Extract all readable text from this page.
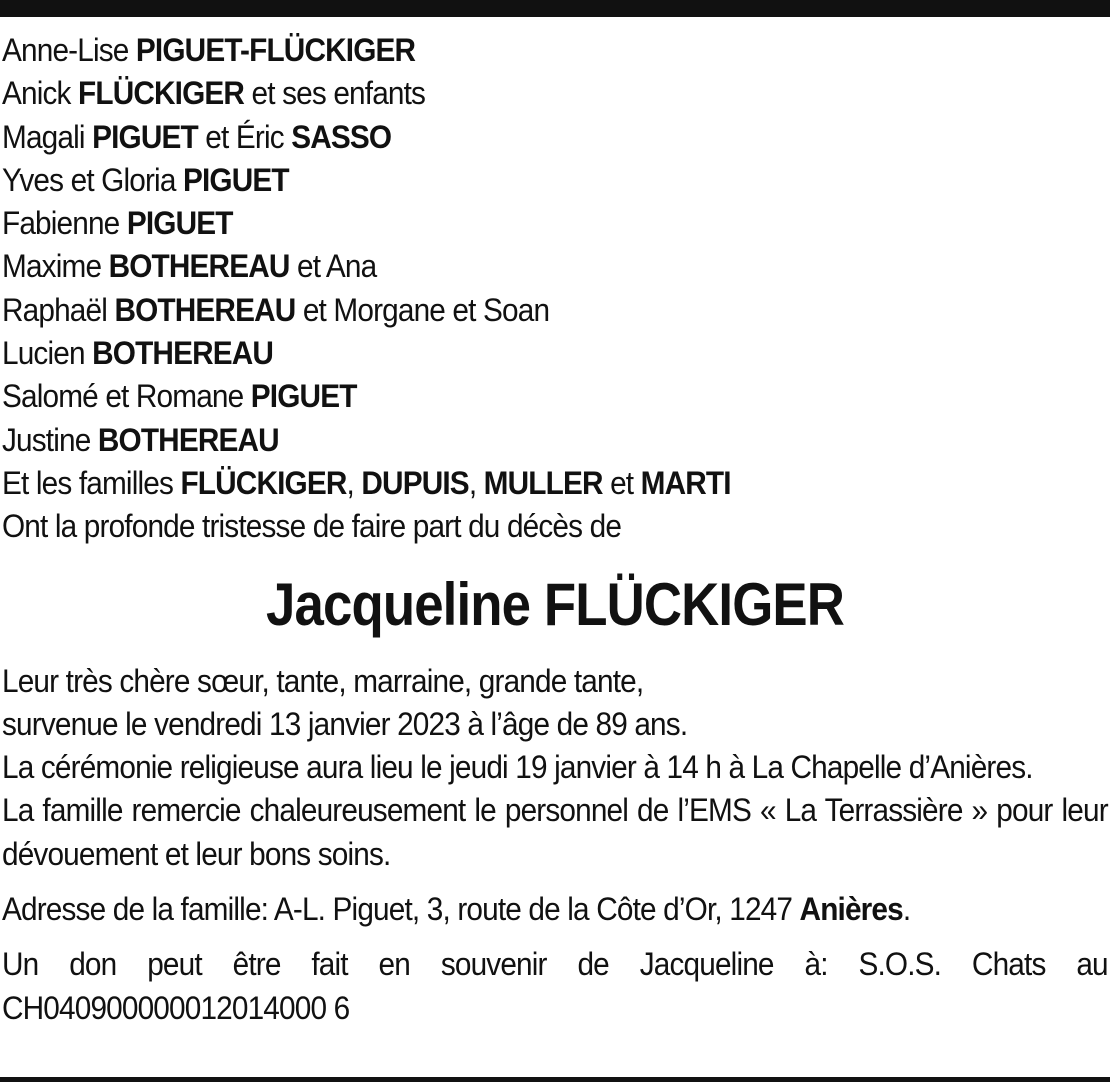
Anne-Lise PIGUET-FLÜCKIGER
Anick FLÜCKIGER et ses enfants
Magali PIGUET et Éric SASSO
Yves et Gloria PIGUET
Fabienne PIGUET
Maxime BOTHEREAU et Ana
Raphaël BOTHEREAU et Morgane et Soan
Lucien BOTHEREAU
Salomé et Romane PIGUET
Justine BOTHEREAU
Et les familles FLÜCKIGER, DUPUIS, MULLER et MARTI
Ont la profonde tristesse de faire part du décès de
Jacqueline FLÜCKIGER
Leur très chère sœur, tante, marraine, grande tante,
survenue le vendredi 13 janvier 2023 à l’âge de 89 ans.
La cérémonie religieuse aura lieu le jeudi 19 janvier à 14 h à La Chapelle d’Anières.
La famille remercie chaleureusement le personnel de l’EMS « La Terrassière » pour leur dévouement et leur bons soins.
Adresse de la famille: A-L. Piguet, 3, route de la Côte d’Or, 1247 Anières.
Un don peut être fait en souvenir de Jacqueline à: S.O.S. Chats au CH040900000012014000 6
